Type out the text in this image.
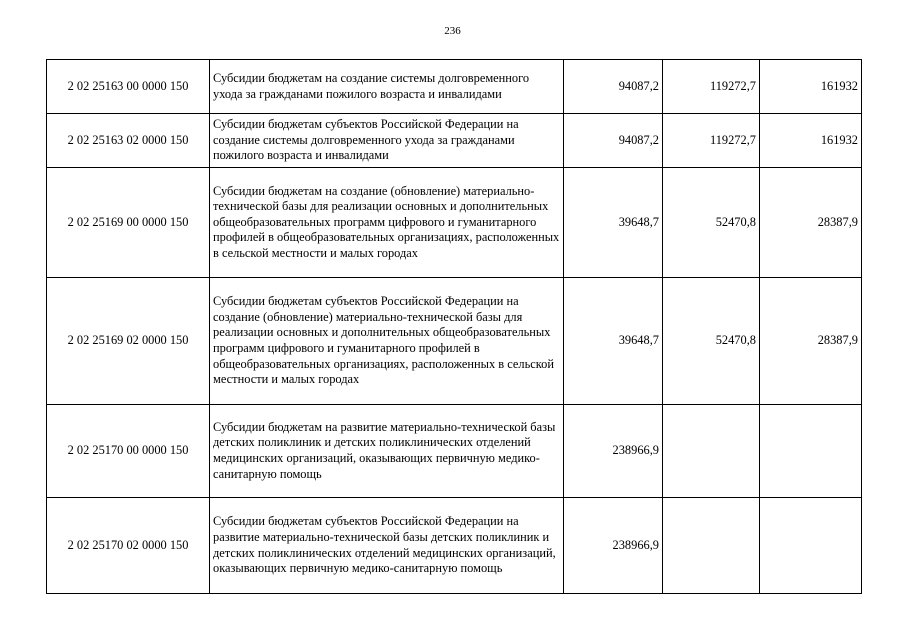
236
2 02 25163 00 0000 150	Субсидии бюджетам на создание системы долговременного ухода за гражданами пожилого возраста и инвалидами	94087,2	119272,7	161932
2 02 25163 02 0000 150	Субсидии бюджетам субъектов Российской Федерации на создание системы долговременного ухода за гражданами пожилого возраста и инвалидами	94087,2	119272,7	161932
2 02 25169 00 0000 150	Субсидии бюджетам на создание (обновление) материально-технической базы для реализации основных и дополнительных общеобразовательных программ цифрового и гуманитарного профилей в общеобразовательных организациях, расположенных в сельской местности и малых городах	39648,7	52470,8	28387,9
2 02 25169 02 0000 150	Субсидии бюджетам субъектов Российской Федерации на создание (обновление) материально-технической базы для реализации основных и дополнительных общеобразовательных программ цифрового и гуманитарного профилей в общеобразовательных организациях, расположенных в сельской местности и малых городах	39648,7	52470,8	28387,9
2 02 25170 00 0000 150	Субсидии бюджетам на развитие материально-технической базы детских поликлиник и детских поликлинических отделений медицинских организаций, оказывающих первичную медико-санитарную помощь	238966,9		
2 02 25170 02 0000 150	Субсидии бюджетам субъектов Российской Федерации на развитие материально-технической базы детских поликлиник и детских поликлинических отделений медицинских организаций, оказывающих первичную медико-санитарную помощь	238966,9		
